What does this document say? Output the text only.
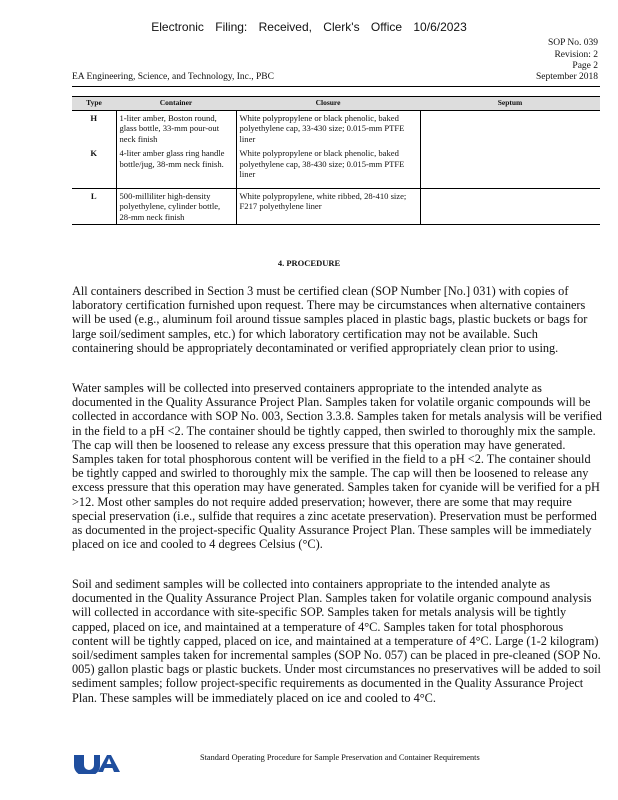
Electronic Filing: Received, Clerk's Office 10/6/2023
SOP No. 039
Revision: 2
Page 2
EA Engineering, Science, and Technology, Inc., PBC	September 2018
Type	Container	Closure	Septum
H	1-liter amber, Boston round, glass bottle, 33-mm pour-out neck finish	White polypropylene or black phenolic, baked polyethylene cap, 33-430 size; 0.015-mm PTFE liner	
K	4-liter amber glass ring handle bottle/jug, 38-mm neck finish.	White polypropylene or black phenolic, baked polyethylene cap, 38-430 size; 0.015-mm PTFE liner	

L	500-milliliter high-density polyethylene, cylinder bottle, 28-mm neck finish	White polypropylene, white ribbed, 28-410 size; F217 polyethylene liner	
4. PROCEDURE
All containers described in Section 3 must be certified clean (SOP Number [No.] 031) with copies of laboratory certification furnished upon request. There may be circumstances when alternative containers will be used (e.g., aluminum foil around tissue samples placed in plastic bags, plastic buckets or bags for large soil/sediment samples, etc.) for which laboratory certification may not be available. Such containering should be appropriately decontaminated or verified appropriately clean prior to using.
Water samples will be collected into preserved containers appropriate to the intended analyte as documented in the Quality Assurance Project Plan. Samples taken for volatile organic compounds will be collected in accordance with SOP No. 003, Section 3.3.8. Samples taken for metals analysis will be verified in the field to a pH <2. The container should be tightly capped, then swirled to thoroughly mix the sample. The cap will then be loosened to release any excess pressure that this operation may have generated. Samples taken for total phosphorous content will be verified in the field to a pH <2. The container should be tightly capped and swirled to thoroughly mix the sample. The cap will then be loosened to release any excess pressure that this operation may have generated. Samples taken for cyanide will be verified for a pH >12. Most other samples do not require added preservation; however, there are some that may require special preservation (i.e., sulfide that requires a zinc acetate preservation). Preservation must be performed as documented in the project-specific Quality Assurance Project Plan. These samples will be immediately placed on ice and cooled to 4 degrees Celsius (°C).
Soil and sediment samples will be collected into containers appropriate to the intended analyte as documented in the Quality Assurance Project Plan. Samples taken for volatile organic compound analysis will collected in accordance with site-specific SOP. Samples taken for metals analysis will be tightly capped, placed on ice, and maintained at a temperature of 4°C. Samples taken for total phosphorous content will be tightly capped, placed on ice, and maintained at a temperature of 4°C. Large (1-2 kilogram) soil/sediment samples taken for incremental samples (SOP No. 057) can be placed in pre-cleaned (SOP No. 005) gallon plastic bags or plastic buckets. Under most circumstances no preservatives will be added to soil sediment samples; follow project-specific requirements as documented in the Quality Assurance Project Plan. These samples will be immediately placed on ice and cooled to 4°C.
EA
Standard Operating Procedure for Sample Preservation and Container Requirements
